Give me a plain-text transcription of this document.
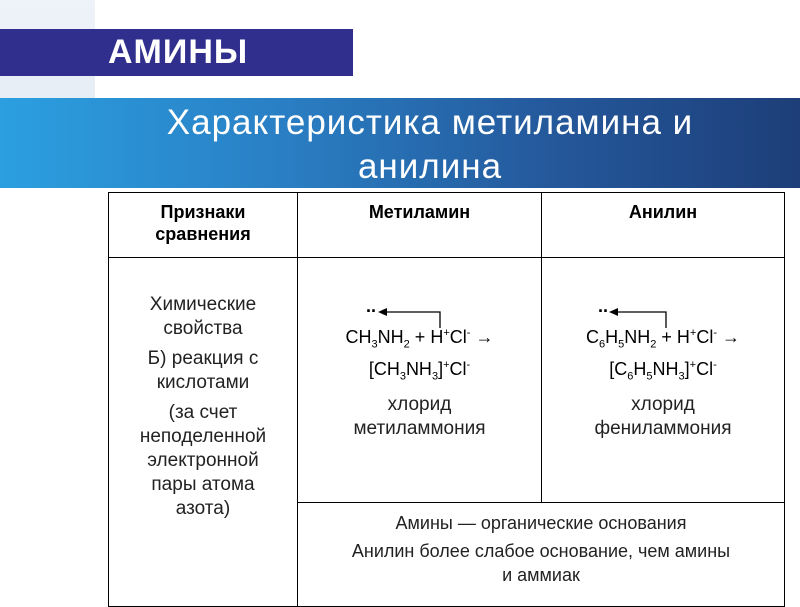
АМИНЫ
Характеристика метиламина и
анилина
Признаки
сравнения
Метиламин	Анилин
Химические
свойства
Б) реакция с
кислотами
(за счет
неподеленной
электронной
пары атома
азота)
..
$CH_3NH_2 + H^+Cl^-$ →
$[CH_3NH_3]^+Cl^-$
хлорид
метиламмония
..
$C_6H_5NH_2 + H^+Cl^-$ →
$[C_6H_5NH_3]^+Cl^-$
хлорид
фениламмония
Амины — органические основания
Анилин более слабое основание, чем амины
и аммиак
